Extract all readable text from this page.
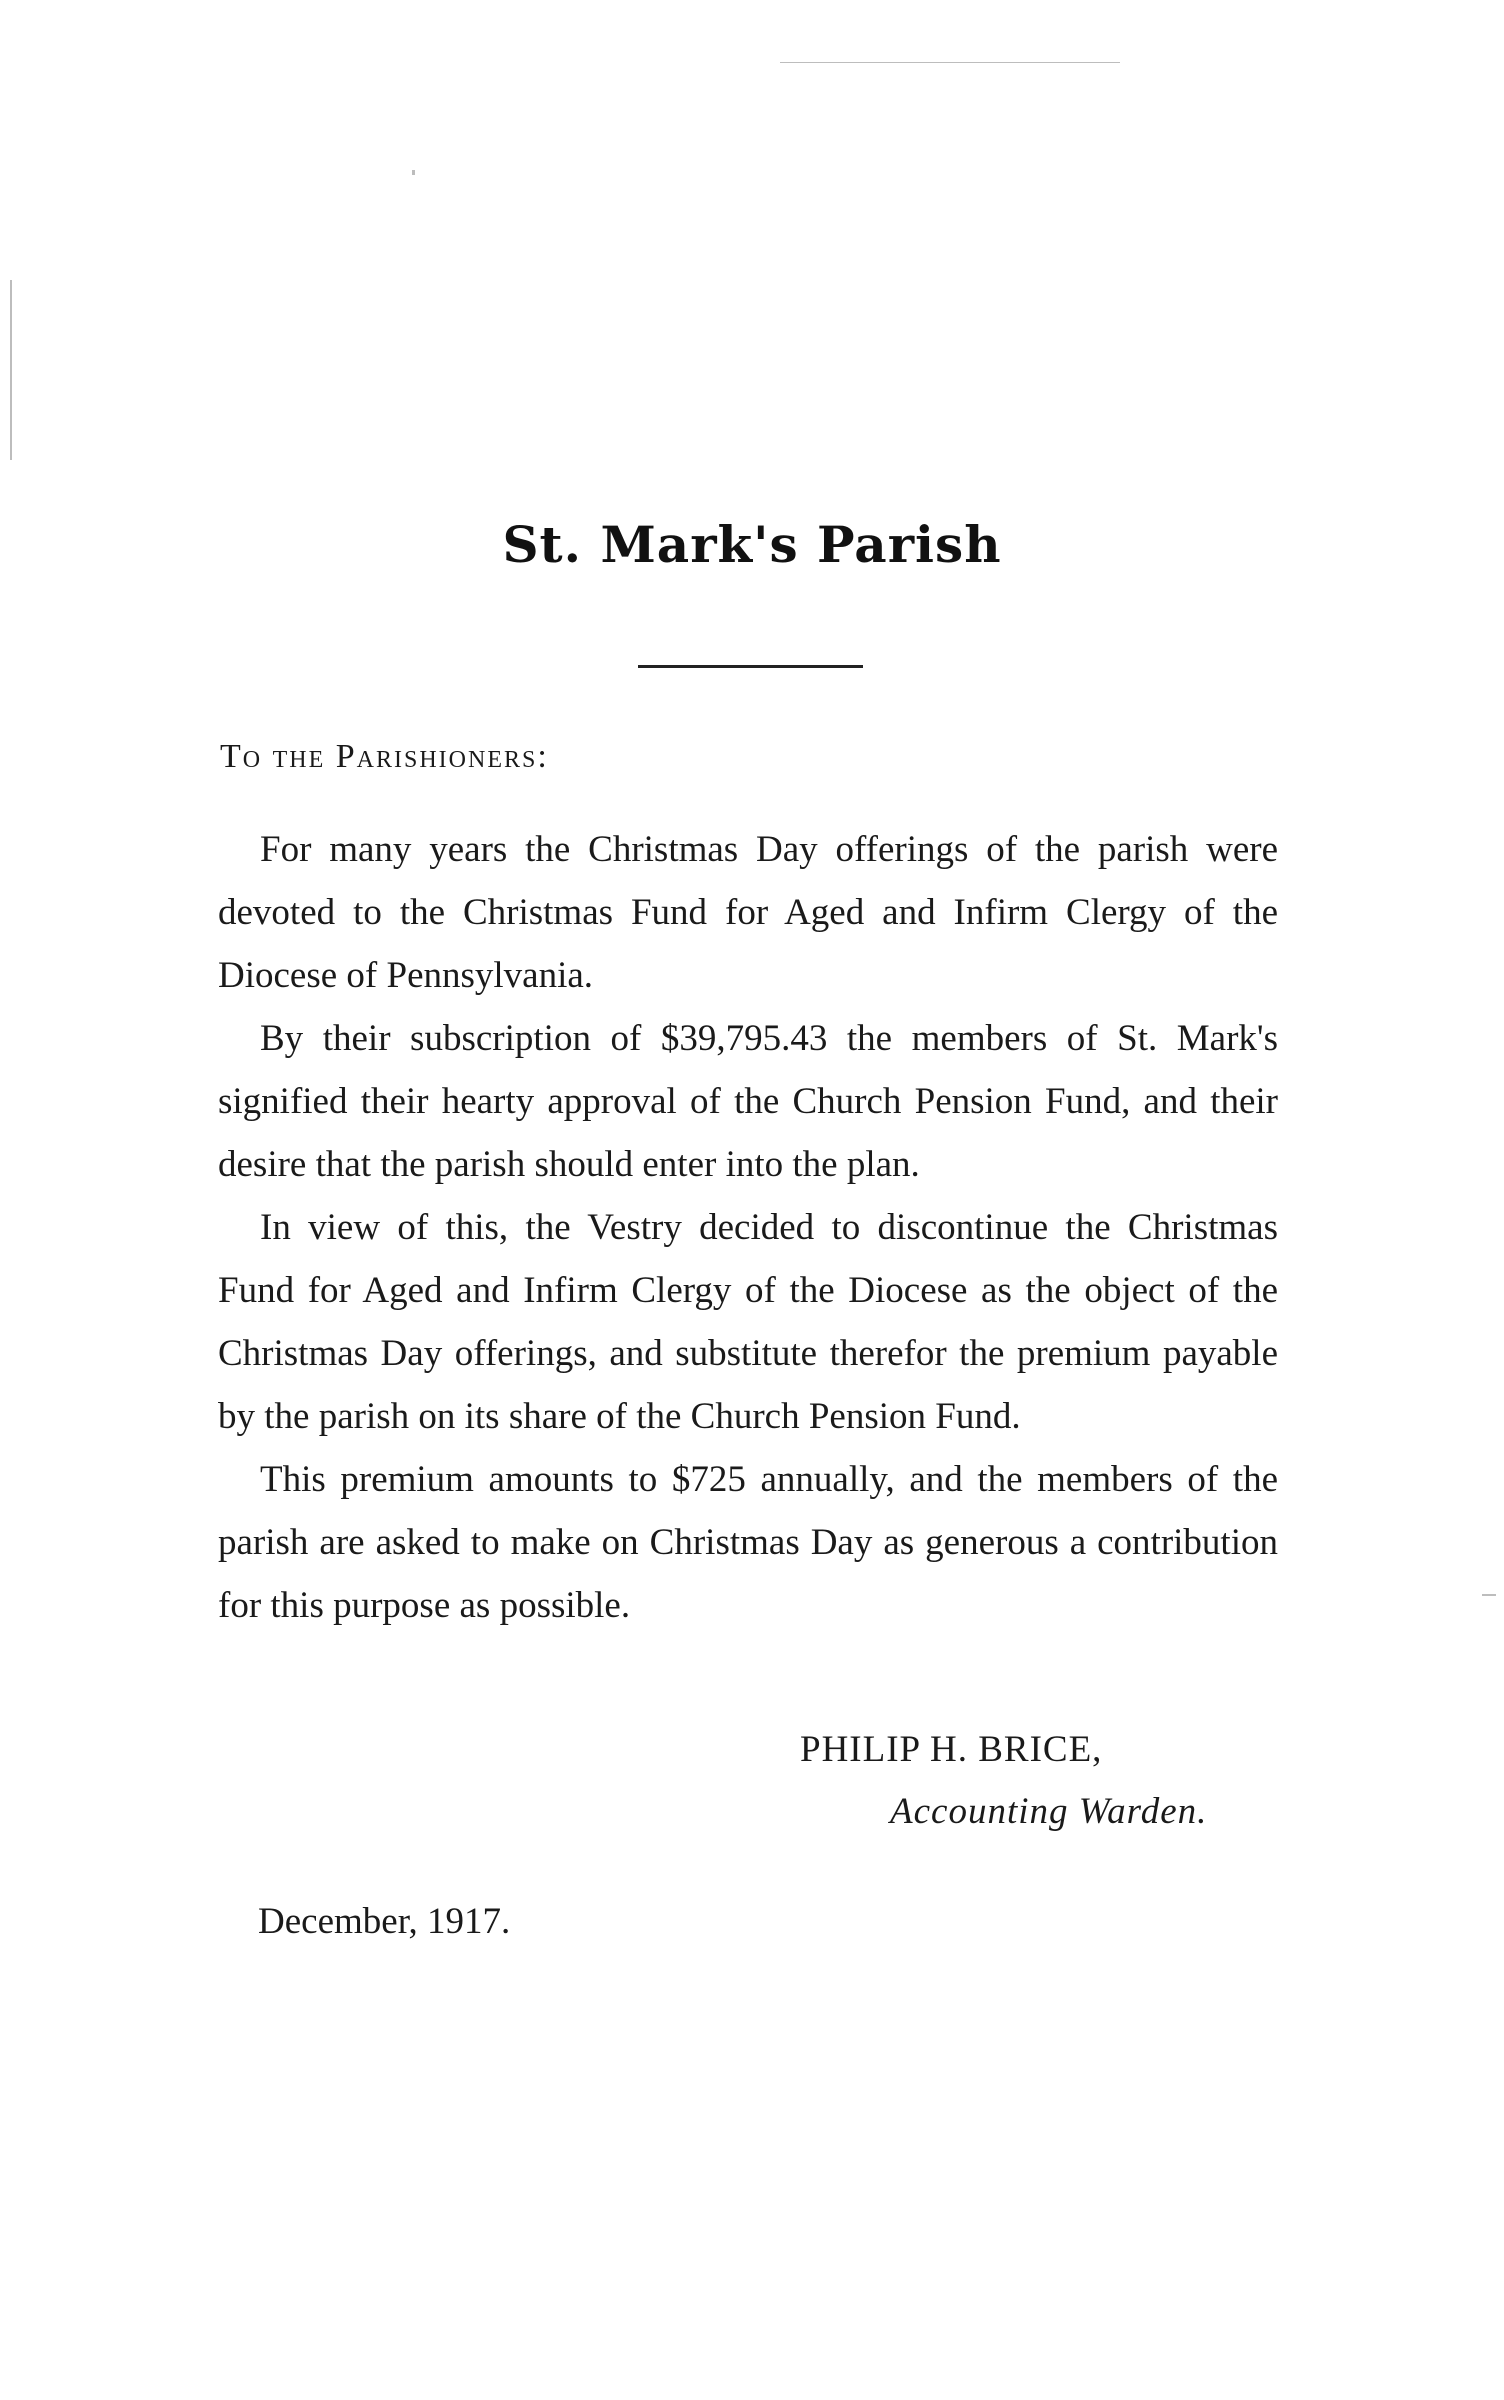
St. Mark's Parish
To the Parishioners:

For many years the Christmas Day offerings of the parish were devoted to the Christmas Fund for Aged and Infirm Clergy of the Diocese of Pennsylvania.

By their subscription of $39,795.43 the members of St. Mark's signified their hearty approval of the Church Pension Fund, and their desire that the parish should enter into the plan.

In view of this, the Vestry decided to discontinue the Christmas Fund for Aged and Infirm Clergy of the Diocese as the object of the Christmas Day offerings, and substitute therefor the premium payable by the parish on its share of the Church Pension Fund.

This premium amounts to $725 annually, and the members of the parish are asked to make on Christmas Day as generous a contribution for this purpose as possible.

PHILIP H. BRICE,
Accounting Warden.
December, 1917.
